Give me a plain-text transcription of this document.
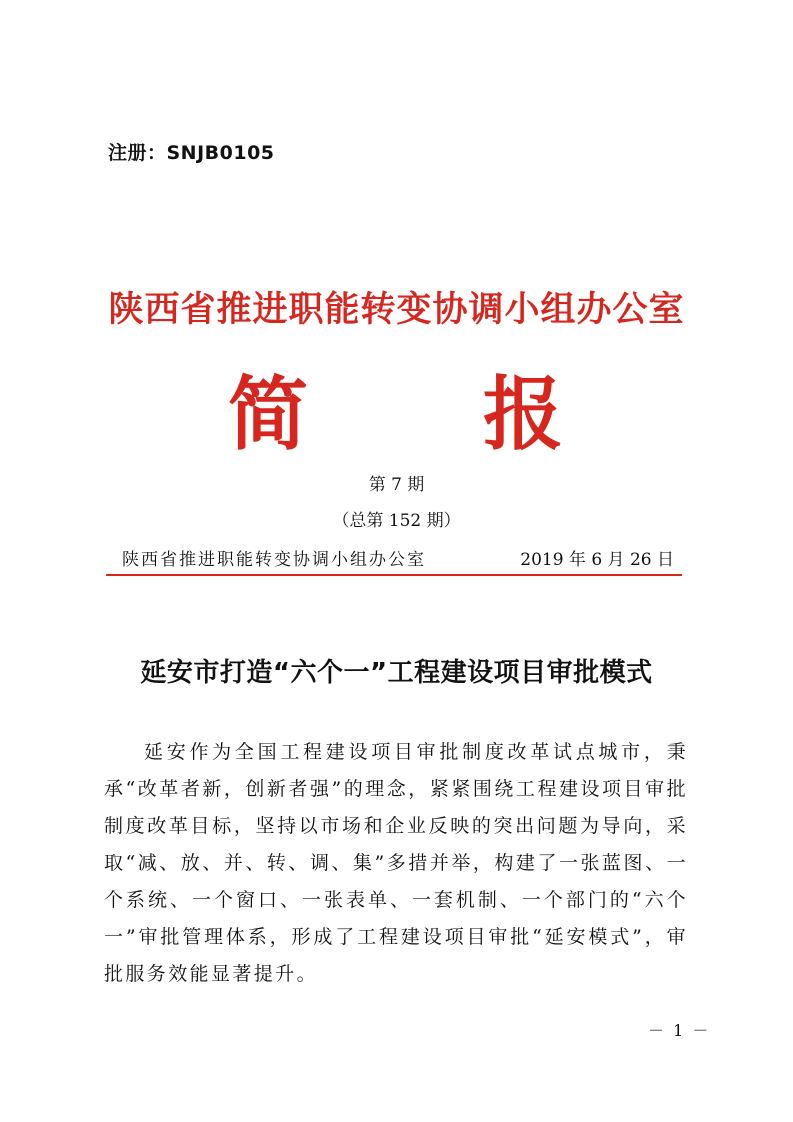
注册：SNJB0105
陕西省推进职能转变协调小组办公室
简 报
第 7 期
（总第 152 期）
陕西省推进职能转变协调小组办公室	2019 年 6 月 26 日
延安市打造“六个一”工程建设项目审批模式

延安作为全国工程建设项目审批制度改革试点城市，秉承“改革者新，创新者强”的理念，紧紧围绕工程建设项目审批制度改革目标，坚持以市场和企业反映的突出问题为导向，采取“减、放、并、转、调、集”多措并举，构建了一张蓝图、一个系统、一个窗口、一张表单、一套机制、一个部门的“六个一”审批管理体系，形成了工程建设项目审批“延安模式”，审批服务效能显著提升。

－ 1 －
